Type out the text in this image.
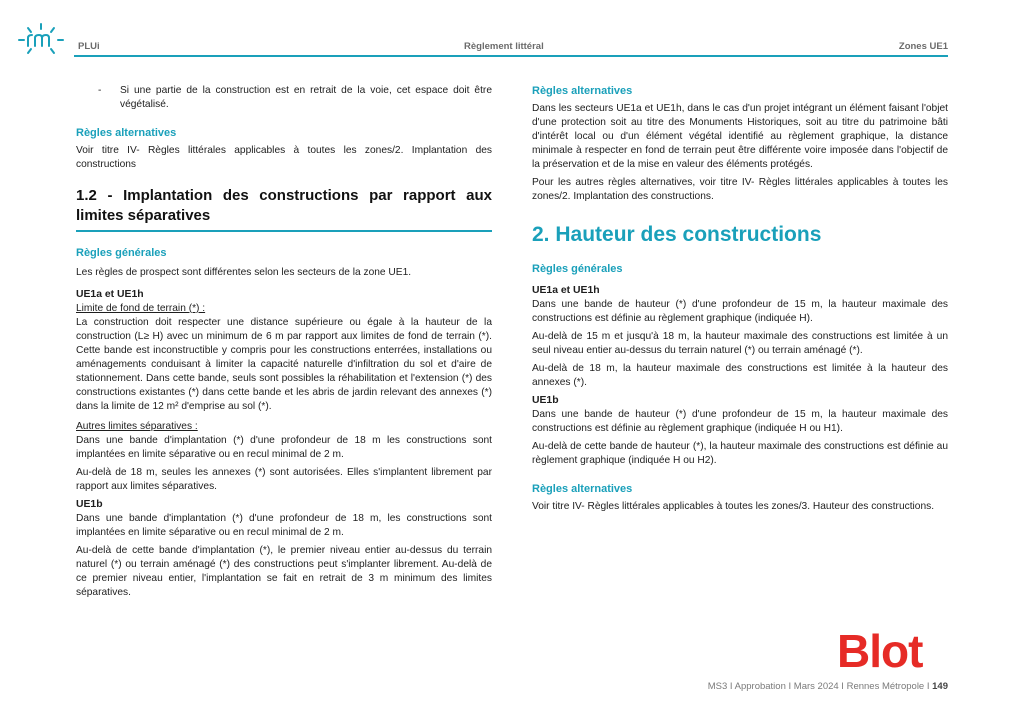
PLUi	Règlement littéral	Zones UE1
- Si une partie de la construction est en retrait de la voie, cet espace doit être végétalisé.

Règles alternatives

Voir titre IV- Règles littérales applicables à toutes les zones/2. Implantation des constructions

1.2 - Implantation des constructions par rapport aux limites séparatives

Règles générales

Les règles de prospect sont différentes selon les secteurs de la zone UE1.

UE1a et UE1h

Limite de fond de terrain (*) :

La construction doit respecter une distance supérieure ou égale à la hauteur de la construction (L≥ H) avec un minimum de 6 m par rapport aux limites de fond de terrain (*). Cette bande est inconstructible y compris pour les constructions enterrées, installations ou aménagements conduisant à limiter la capacité naturelle d'infiltration du sol et d'aire de stationnement. Dans cette bande, seuls sont possibles la réhabilitation et l'extension (*) des constructions existantes (*) dans cette bande et les abris de jardin relevant des annexes (*) dans la limite de 12 m² d'emprise au sol (*).

Autres limites séparatives :

Dans une bande d'implantation (*) d'une profondeur de 18 m les constructions sont implantées en limite séparative ou en recul minimal de 2 m.

Au-delà de 18 m, seules les annexes (*) sont autorisées. Elles s'implantent librement par rapport aux limites séparatives.

UE1b

Dans une bande d'implantation (*) d'une profondeur de 18 m, les constructions sont implantées en limite séparative ou en recul minimal de 2 m.

Au-delà de cette bande d'implantation (*), le premier niveau entier au-dessus du terrain naturel (*) ou terrain aménagé (*) des constructions peut s'implanter librement. Au-delà de ce premier niveau entier, l'implantation se fait en retrait de 3 m minimum des limites séparatives.

Règles alternatives

Dans les secteurs UE1a et UE1h, dans le cas d'un projet intégrant un élément faisant l'objet d'une protection soit au titre des Monuments Historiques, soit au titre du patrimoine bâti d'intérêt local ou d'un élément végétal identifié au règlement graphique, la distance minimale à respecter en fond de terrain peut être différente voire imposée dans l'objectif de la préservation et de la mise en valeur des éléments protégés.

Pour les autres règles alternatives, voir titre IV- Règles littérales applicables à toutes les zones/2. Implantation des constructions.

2. Hauteur des constructions

Règles générales

UE1a et UE1h

Dans une bande de hauteur (*) d'une profondeur de 15 m, la hauteur maximale des constructions est définie au règlement graphique (indiquée H).

Au-delà de 15 m et jusqu'à 18 m, la hauteur maximale des constructions est limitée à un seul niveau entier au-dessus du terrain naturel (*) ou terrain aménagé (*).

Au-delà de 18 m, la hauteur maximale des constructions est limitée à la hauteur des annexes (*).

UE1b

Dans une bande de hauteur (*) d'une profondeur de 15 m, la hauteur maximale des constructions est définie au règlement graphique (indiquée H ou H1).

Au-delà de cette bande de hauteur (*), la hauteur maximale des constructions est définie au règlement graphique (indiquée H ou H2).

Règles alternatives

Voir titre IV- Règles littérales applicables à toutes les zones/3. Hauteur des constructions.

Blot
MS3 I Approbation I Mars 2024 I Rennes Métropole I 149
